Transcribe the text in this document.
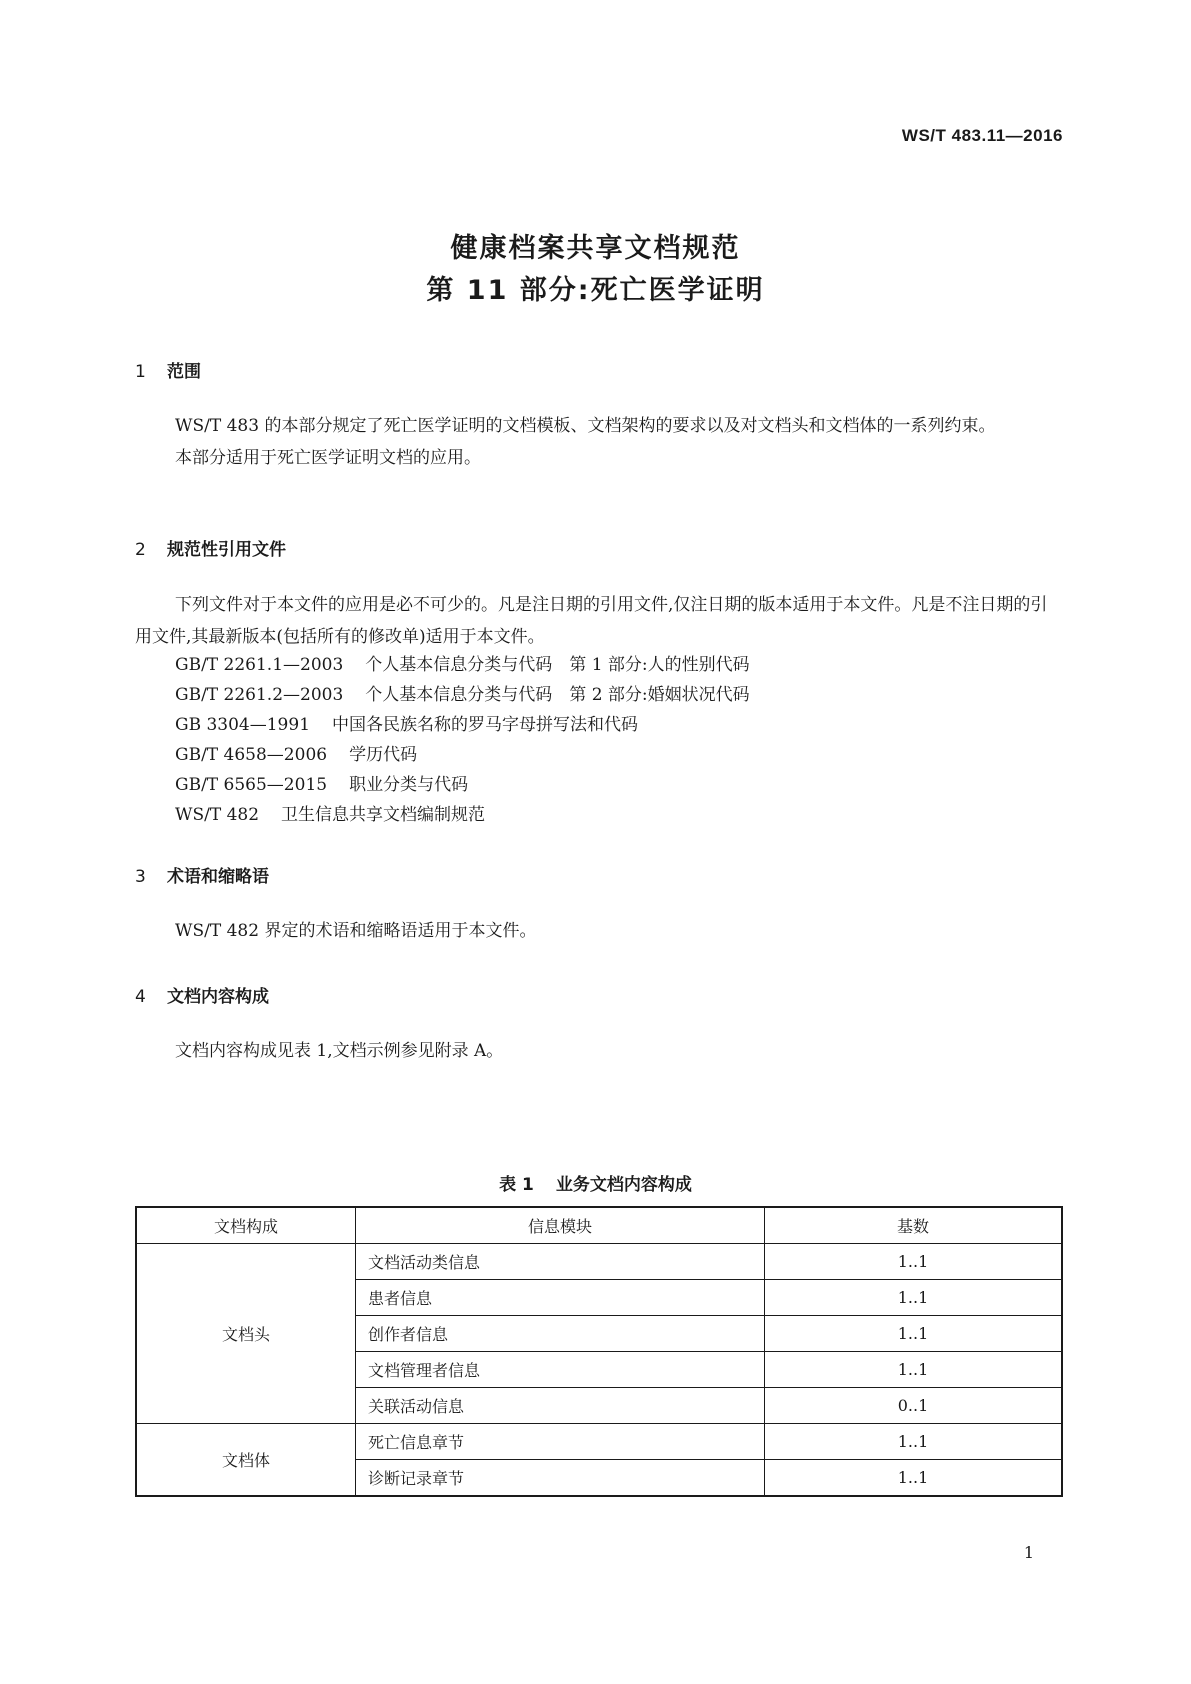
WS/T 483.11—2016
健康档案共享文档规范
第 11 部分:死亡医学证明
1 范围

WS/T 483 的本部分规定了死亡医学证明的文档模板、文档架构的要求以及对文档头和文档体的一系列约束。

本部分适用于死亡医学证明文档的应用。

2 规范性引用文件

下列文件对于本文件的应用是必不可少的。凡是注日期的引用文件,仅注日期的版本适用于本文件。凡是不注日期的引用文件,其最新版本(包括所有的修改单)适用于本文件。

GB/T 2261.1—2003 个人基本信息分类与代码　第 1 部分:人的性别代码
GB/T 2261.2—2003 个人基本信息分类与代码　第 2 部分:婚姻状况代码
GB 3304—1991 中国各民族名称的罗马字母拼写法和代码
GB/T 4658—2006 学历代码
GB/T 6565—2015 职业分类与代码
WS/T 482 卫生信息共享文档编制规范
3 术语和缩略语

WS/T 482 界定的术语和缩略语适用于本文件。

4 文档内容构成

文档内容构成见表 1,文档示例参见附录 A。

表 1 业务文档内容构成
文档构成	信息模块	基数
文档头	文档活动类信息	1..1
	患者信息	1..1
	创作者信息	1..1
	文档管理者信息	1..1
	关联活动信息	0..1
文档体	死亡信息章节	1..1
	诊断记录章节	1..1
1
